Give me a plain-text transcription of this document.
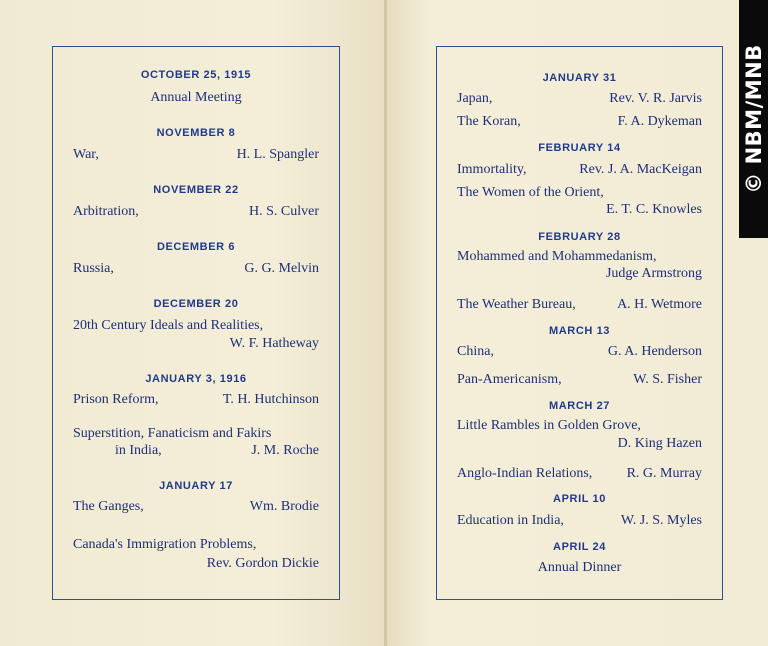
OCTOBER 25, 1915
Annual Meeting
NOVEMBER 8
War,	H. L. Spangler
NOVEMBER 22
Arbitration,	H. S. Culver
DECEMBER 6
Russia,	G. G. Melvin
DECEMBER 20
20th Century Ideals and Realities,
W. F. Hatheway
JANUARY 3, 1916
Prison Reform,	T. H. Hutchinson
Superstition, Fanaticism and Fakirs
in India,	J. M. Roche
JANUARY 17
The Ganges,	Wm. Brodie
Canada's Immigration Problems,
Rev. Gordon Dickie
JANUARY 31
Japan,	Rev. V. R. Jarvis
The Koran,	F. A. Dykeman
FEBRUARY 14
Immortality,	Rev. J. A. MacKeigan
The Women of the Orient,
E. T. C. Knowles
FEBRUARY 28
Mohammed and Mohammedanism,
Judge Armstrong
The Weather Bureau,	A. H. Wetmore
MARCH 13
China,	G. A. Henderson
Pan-Americanism,	W. S. Fisher
MARCH 27
Little Rambles in Golden Grove,
D. King Hazen
Anglo-Indian Relations, R. G. Murray
APRIL 10
Education in India,	W. J. S. Myles
APRIL 24
Annual Dinner
© NBM/MNB
